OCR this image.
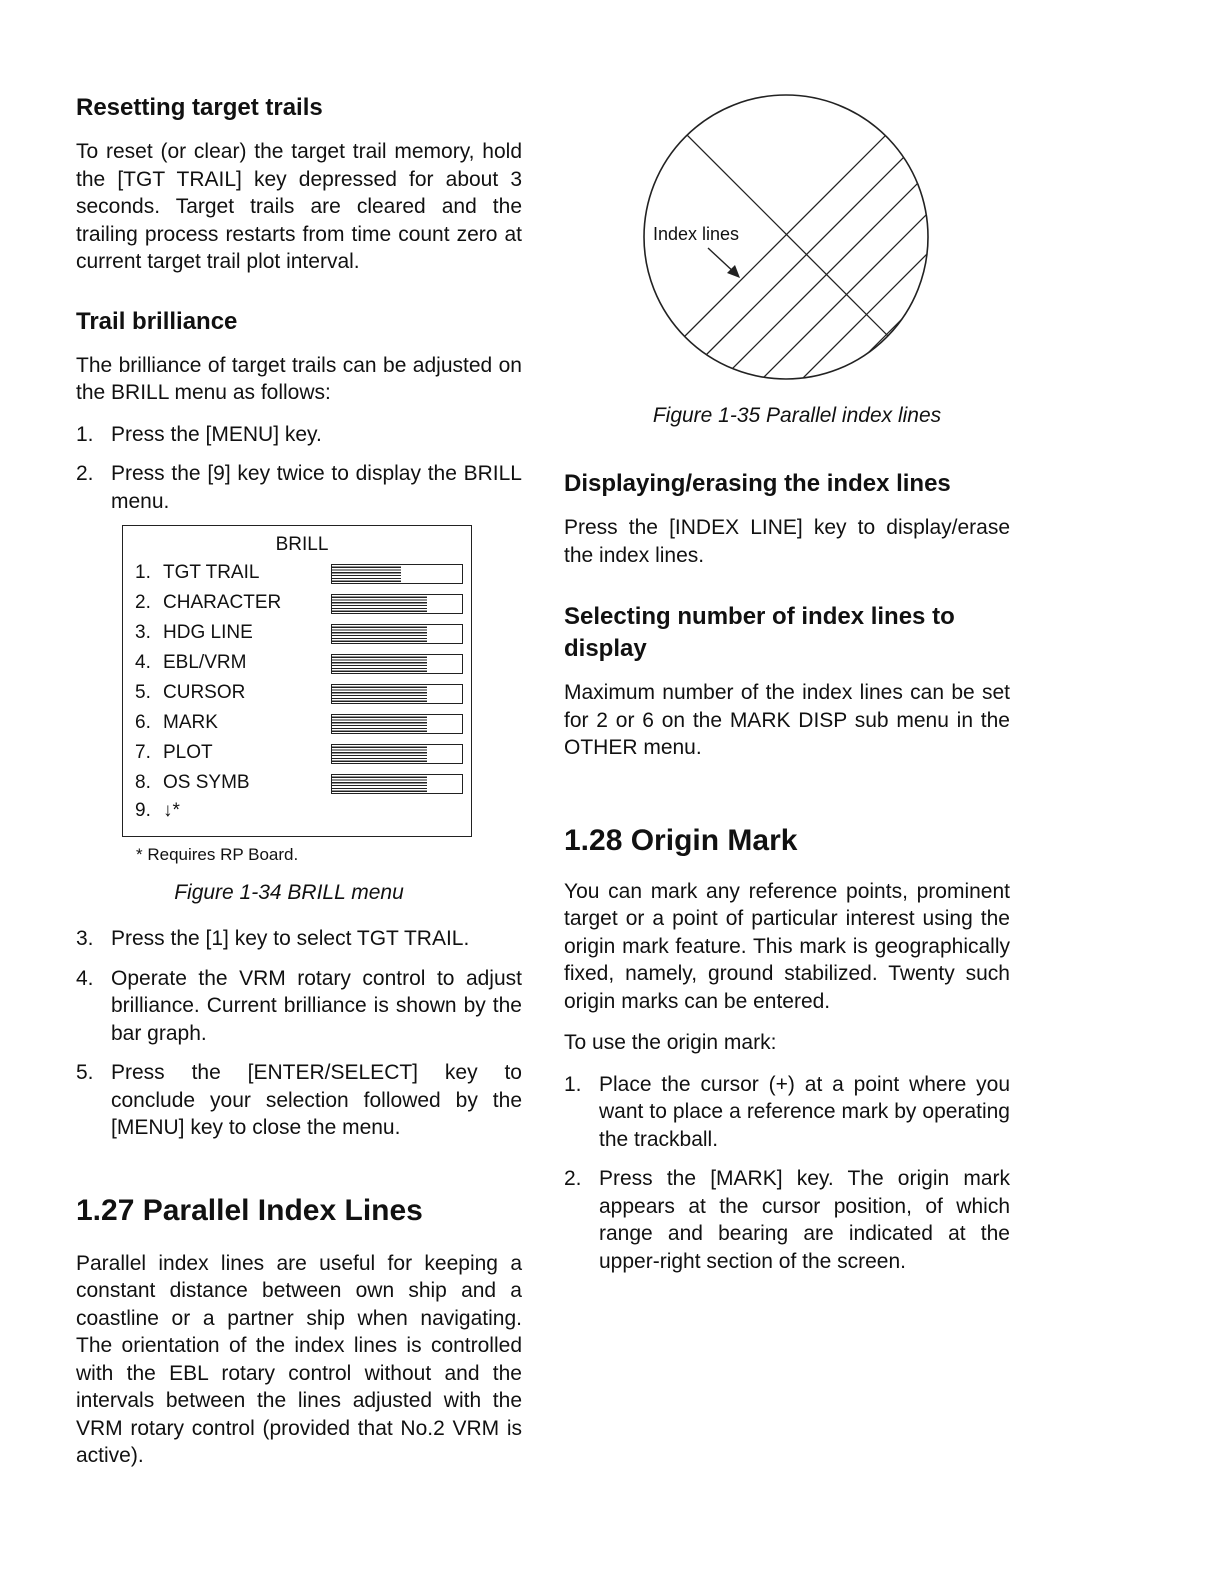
Resetting target trails

To reset (or clear) the target trail memory, hold the [TGT TRAIL] key depressed for about 3 seconds. Target trails are cleared and the trailing process restarts from time count zero at current target trail plot interval.

Trail brilliance

The brilliance of target trails can be adjusted on the BRILL menu as follows:

1. Press the [MENU] key.
2. Press the [9] key twice to display the BRILL menu.
BRILL
1. TGT TRAIL
2. CHARACTER
3. HDG LINE
4. EBL/VRM
5. CURSOR
6. MARK
7. PLOT
8. OS SYMB
9. ↓*
* Requires RP Board.
Figure 1-34 BRILL menu
3. Press the [1] key to select TGT TRAIL.
4. Operate the VRM rotary control to adjust brilliance. Current brilliance is shown by the bar graph.
5. Press the [ENTER/SELECT] key to conclude your selection followed by the [MENU] key to close the menu.
1.27 Parallel Index Lines

Parallel index lines are useful for keeping a constant distance between own ship and a coastline or a partner ship when navigating. The orientation of the index lines is controlled with the EBL rotary control without and the intervals between the lines adjusted with the VRM rotary control (provided that No.2 VRM is active).

Index lines
Figure 1-35 Parallel index lines
Displaying/erasing the index lines

Press the [INDEX LINE] key to display/erase the index lines.

Selecting number of index lines to display

Maximum number of the index lines can be set for 2 or 6 on the MARK DISP sub menu in the OTHER menu.

1.28 Origin Mark

You can mark any reference points, prominent target or a point of particular interest using the origin mark feature. This mark is geographically fixed, namely, ground stabilized. Twenty such origin marks can be entered.

To use the origin mark:

1. Place the cursor (+) at a point where you want to place a reference mark by operating the trackball.
2. Press the [MARK] key. The origin mark appears at the cursor position, of which range and bearing are indicated at the upper-right section of the screen.
